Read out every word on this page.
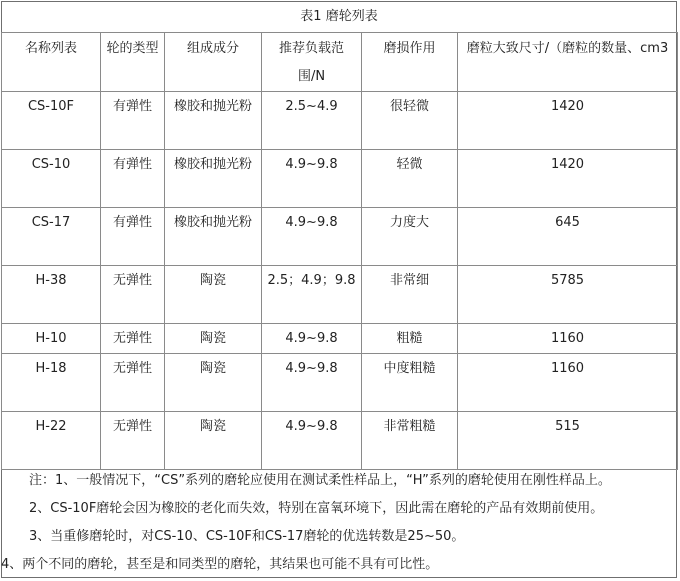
表1 磨轮列表
名称列表	轮的类型	组成成分	推荐负载范围/N	磨损作用	磨粒大致尺寸/（磨粒的数量、cm3
CS-10F	有弹性	橡胶和抛光粉	2.5~4.9	很轻微	1420
CS-10	有弹性	橡胶和抛光粉	4.9~9.8	轻微	1420
CS-17	有弹性	橡胶和抛光粉	4.9~9.8	力度大	645
H-38	无弹性	陶瓷	2.5；4.9；9.8	非常细	5785
H-10	无弹性	陶瓷	4.9~9.8	粗糙	1160
H-18	无弹性	陶瓷	4.9~9.8	中度粗糙	1160
H-22	无弹性	陶瓷	4.9~9.8	非常粗糙	515
注：1、一般情况下，“CS”系列的磨轮应使用在测试柔性样品上，“H”系列的磨轮使用在刚性样品上。
2、CS-10F磨轮会因为橡胶的老化而失效，特别在富氧环境下，因此需在磨轮的产品有效期前使用。
3、当重修磨轮时，对CS-10、CS-10F和CS-17磨轮的优选转数是25~50。
4、两个不同的磨轮，甚至是和同类型的磨轮，其结果也可能不具有可比性。
